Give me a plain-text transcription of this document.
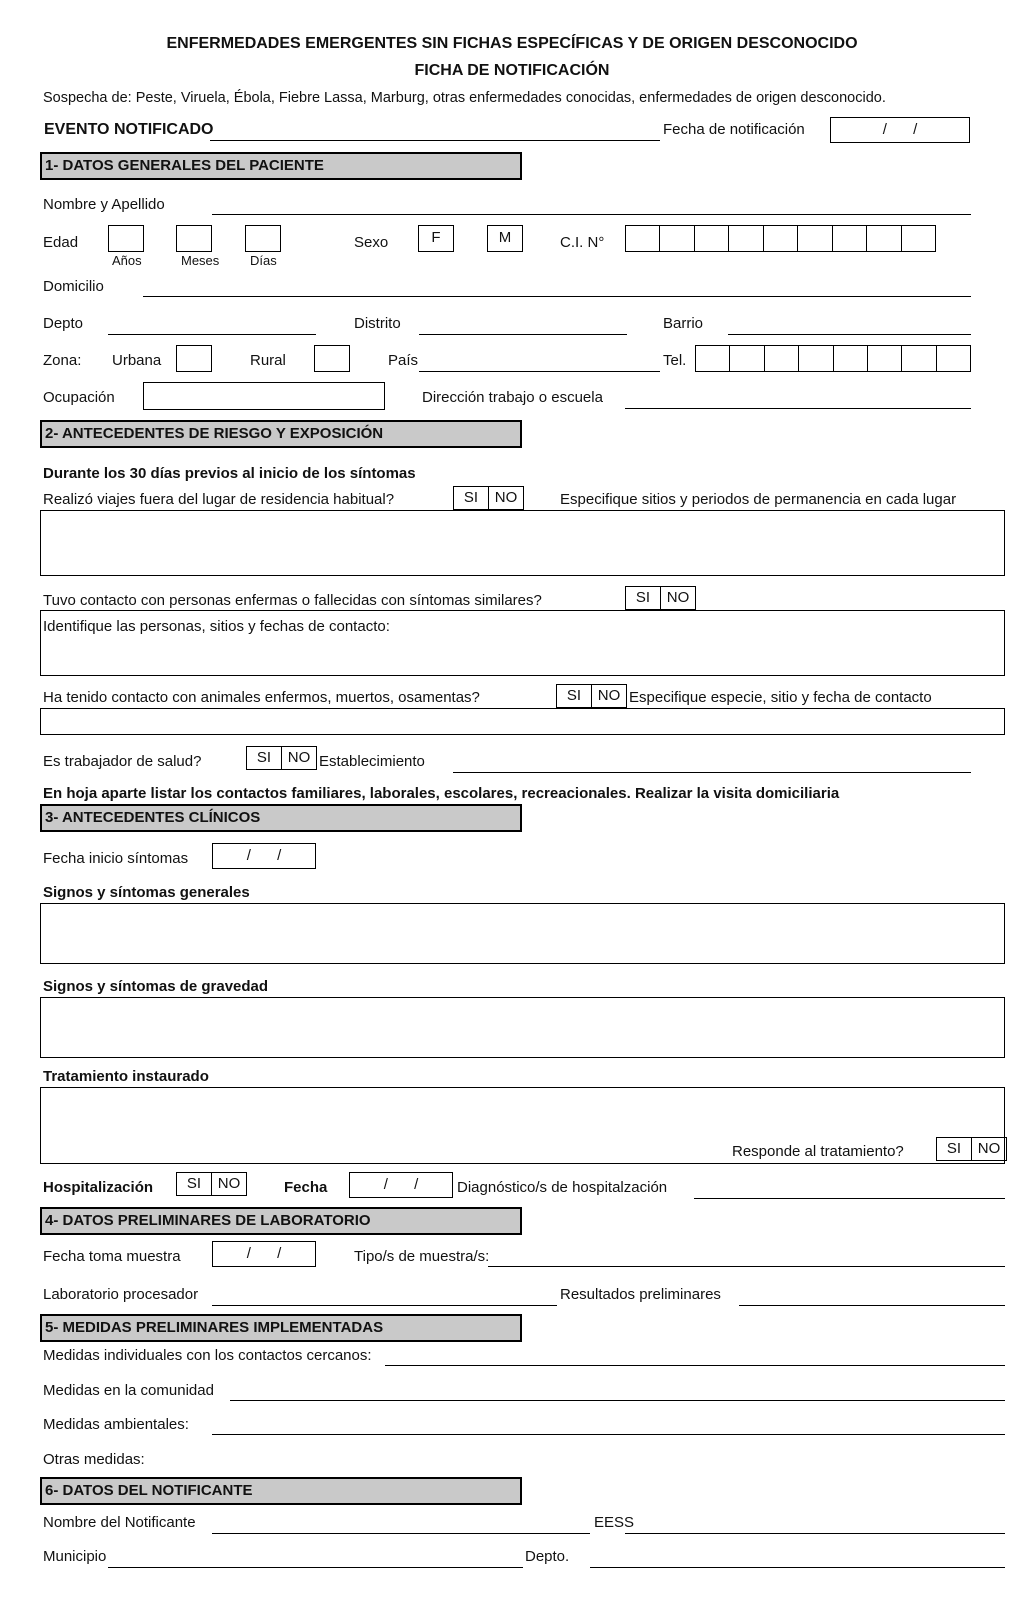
ENFERMEDADES EMERGENTES SIN FICHAS ESPECÍFICAS Y DE ORIGEN DESCONOCIDO
FICHA DE NOTIFICACIÓN
Sospecha de: Peste, Viruela, Ébola, Fiebre Lassa, Marburg, otras enfermedades conocidas, enfermedades de origen desconocido.
EVENTO NOTIFICADO	Fecha de notificación	/ /
1- DATOS GENERALES DEL PACIENTE
Nombre y Apellido
Edad
Años	Meses Días
Sexo	F	M	C.I. N°
Domicilio
Depto	Distrito	Barrio
Zona: Urbana	Rural	País	Tel.
Ocupación	Dirección trabajo o escuela
2- ANTECEDENTES DE RIESGO Y EXPOSICIÓN
Durante los 30 días previos al inicio de los síntomas
Realizó viajes fuera del lugar de residencia habitual?	SI	NO	Especifique sitios y periodos de permanencia en cada lugar
Tuvo contacto con personas enfermas o fallecidas con síntomas similares?	SI	NO
Identifique las personas, sitios y fechas de contacto:
Ha tenido contacto con animales enfermos, muertos, osamentas?	SI	NO Especifique especie, sitio y fecha de contacto
Es trabajador de salud?	SI	NO Establecimiento
En hoja aparte listar los contactos familiares, laborales, escolares, recreacionales. Realizar la visita domiciliaria
3- ANTECEDENTES CLÍNICOS
Fecha inicio síntomas	/ /
Signos y síntomas generales
Signos y síntomas de gravedad
Tratamiento instaurado
Responde al tratamiento?	SI	NO
Hospitalización	SI	NO	Fecha	/ /	Diagnóstico/s de hospitalzación
4- DATOS PRELIMINARES DE LABORATORIO
Fecha toma muestra	/ /	Tipo/s de muestra/s:
Laboratorio procesador	Resultados preliminares
5- MEDIDAS PRELIMINARES IMPLEMENTADAS
Medidas individuales con los contactos cercanos:
Medidas en la comunidad
Medidas ambientales:
Otras medidas:
6- DATOS DEL NOTIFICANTE
Nombre del Notificante	EESS
Municipio	Depto.
